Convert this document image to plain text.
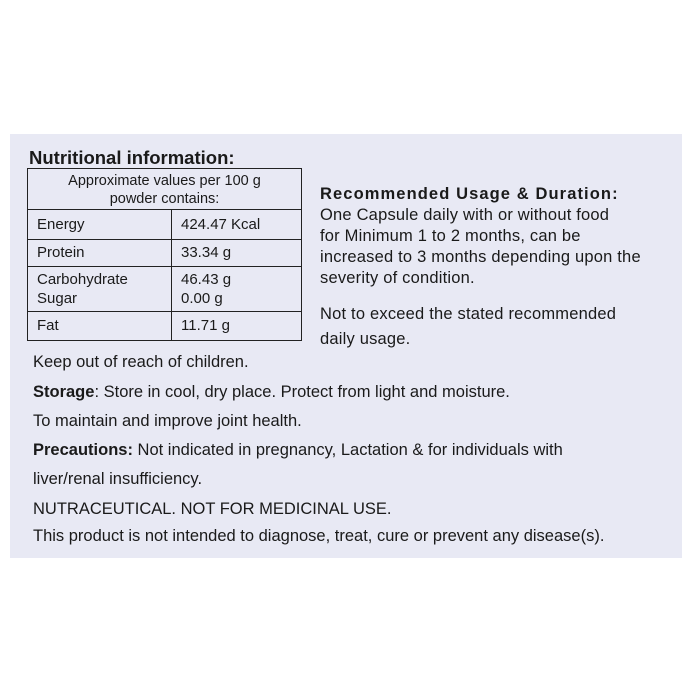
Nutritional information:
Approximate values per 100 g
powder contains:
Energy	424.47 Kcal
Protein	33.34 g
Carbohydrate	46.43 g
Sugar	0.00 g
Fat	11.71 g
Recommended Usage & Duration:
One Capsule daily with or without food
for Minimum 1 to 2 months, can be
increased to 3 months depending upon the
severity of condition.
Not to exceed the stated recommended
daily usage.
Keep out of reach of children.
Storage: Store in cool, dry place. Protect from light and moisture.
To maintain and improve joint health.
Precautions: Not indicated in pregnancy, Lactation & for individuals with
liver/renal insufficiency.
NUTRACEUTICAL. NOT FOR MEDICINAL USE.
This product is not intended to diagnose, treat, cure or prevent any disease(s).
